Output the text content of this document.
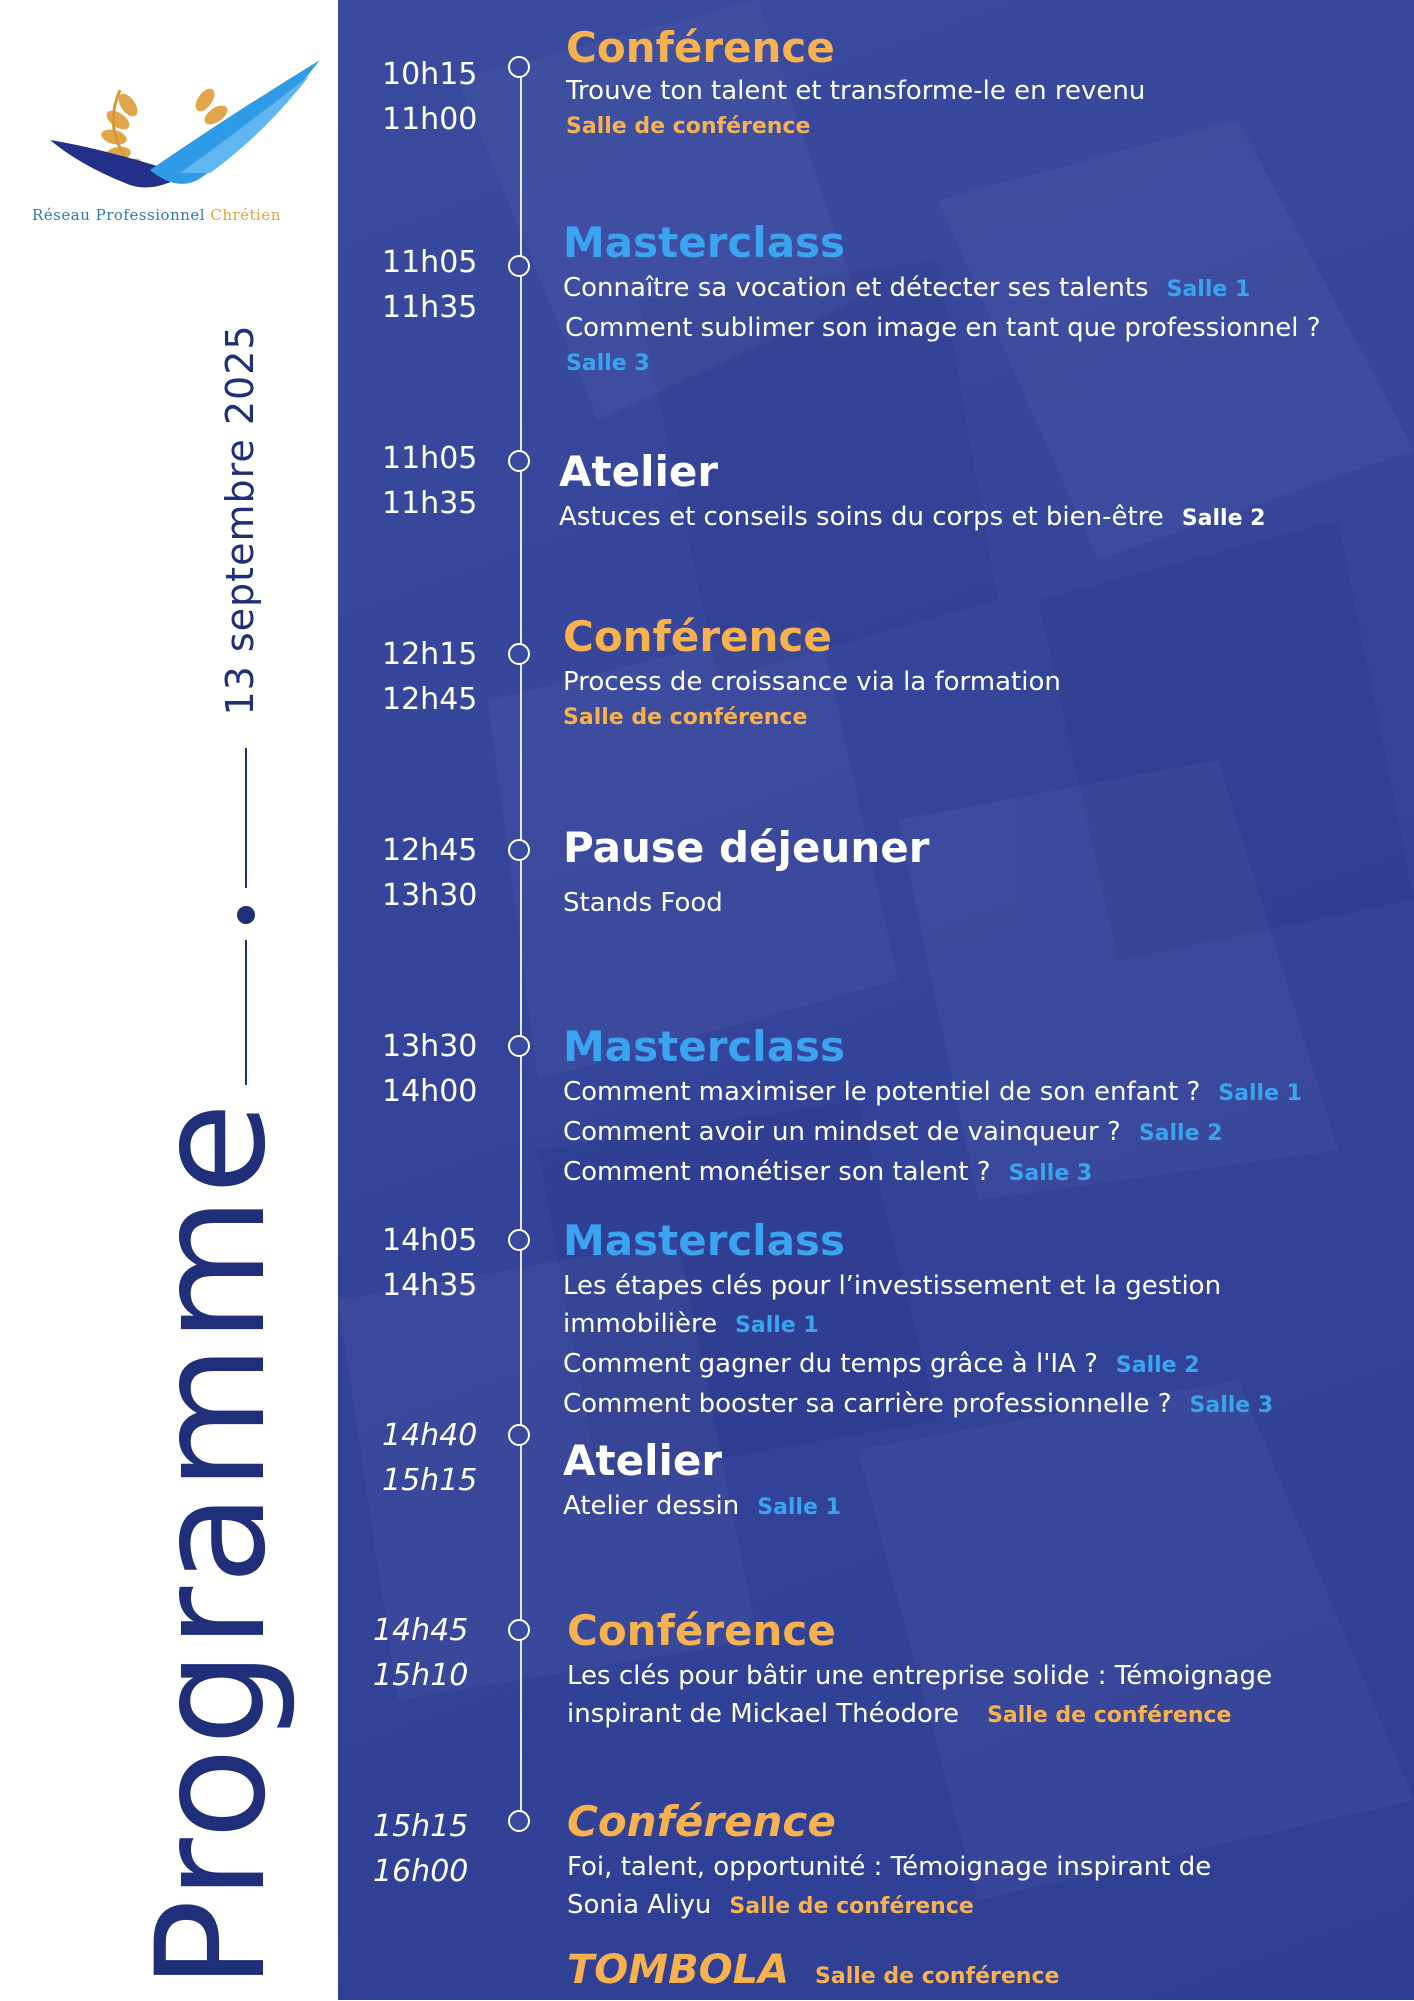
Réseau Professionnel Chrétien
13 septembre 2025
Programme
10h15
11h00
Conférence
Trouve ton talent et transforme-le en revenu
Salle de conférence
11h05
11h35
Masterclass
Connaître sa vocation et détecter ses talents Salle 1
Comment sublimer son image en tant que professionnel ?
Salle 3
11h05
11h35
Atelier
Astuces et conseils soins du corps et bien-être Salle 2
12h15
12h45
Conférence
Process de croissance via la formation
Salle de conférence
12h45
13h30
Pause déjeuner
Stands Food
13h30
14h00
Masterclass
Comment maximiser le potentiel de son enfant ? Salle 1
Comment avoir un mindset de vainqueur ? Salle 2
Comment monétiser son talent ? Salle 3
14h05
14h35
Masterclass
Les étapes clés pour l’investissement et la gestion
immobilière Salle 1
Comment gagner du temps grâce à l'IA ? Salle 2
Comment booster sa carrière professionnelle ? Salle 3
14h40
15h15	Atelier
Atelier dessin Salle 1
14h45
15h10
Conférence
Les clés pour bâtir une entreprise solide : Témoignage
inspirant de Mickael Théodore Salle de conférence
15h15
16h00
Conférence
Foi, talent, opportunité : Témoignage inspirant de
Sonia Aliyu Salle de conférence
TOMBOLA Salle de conférence
